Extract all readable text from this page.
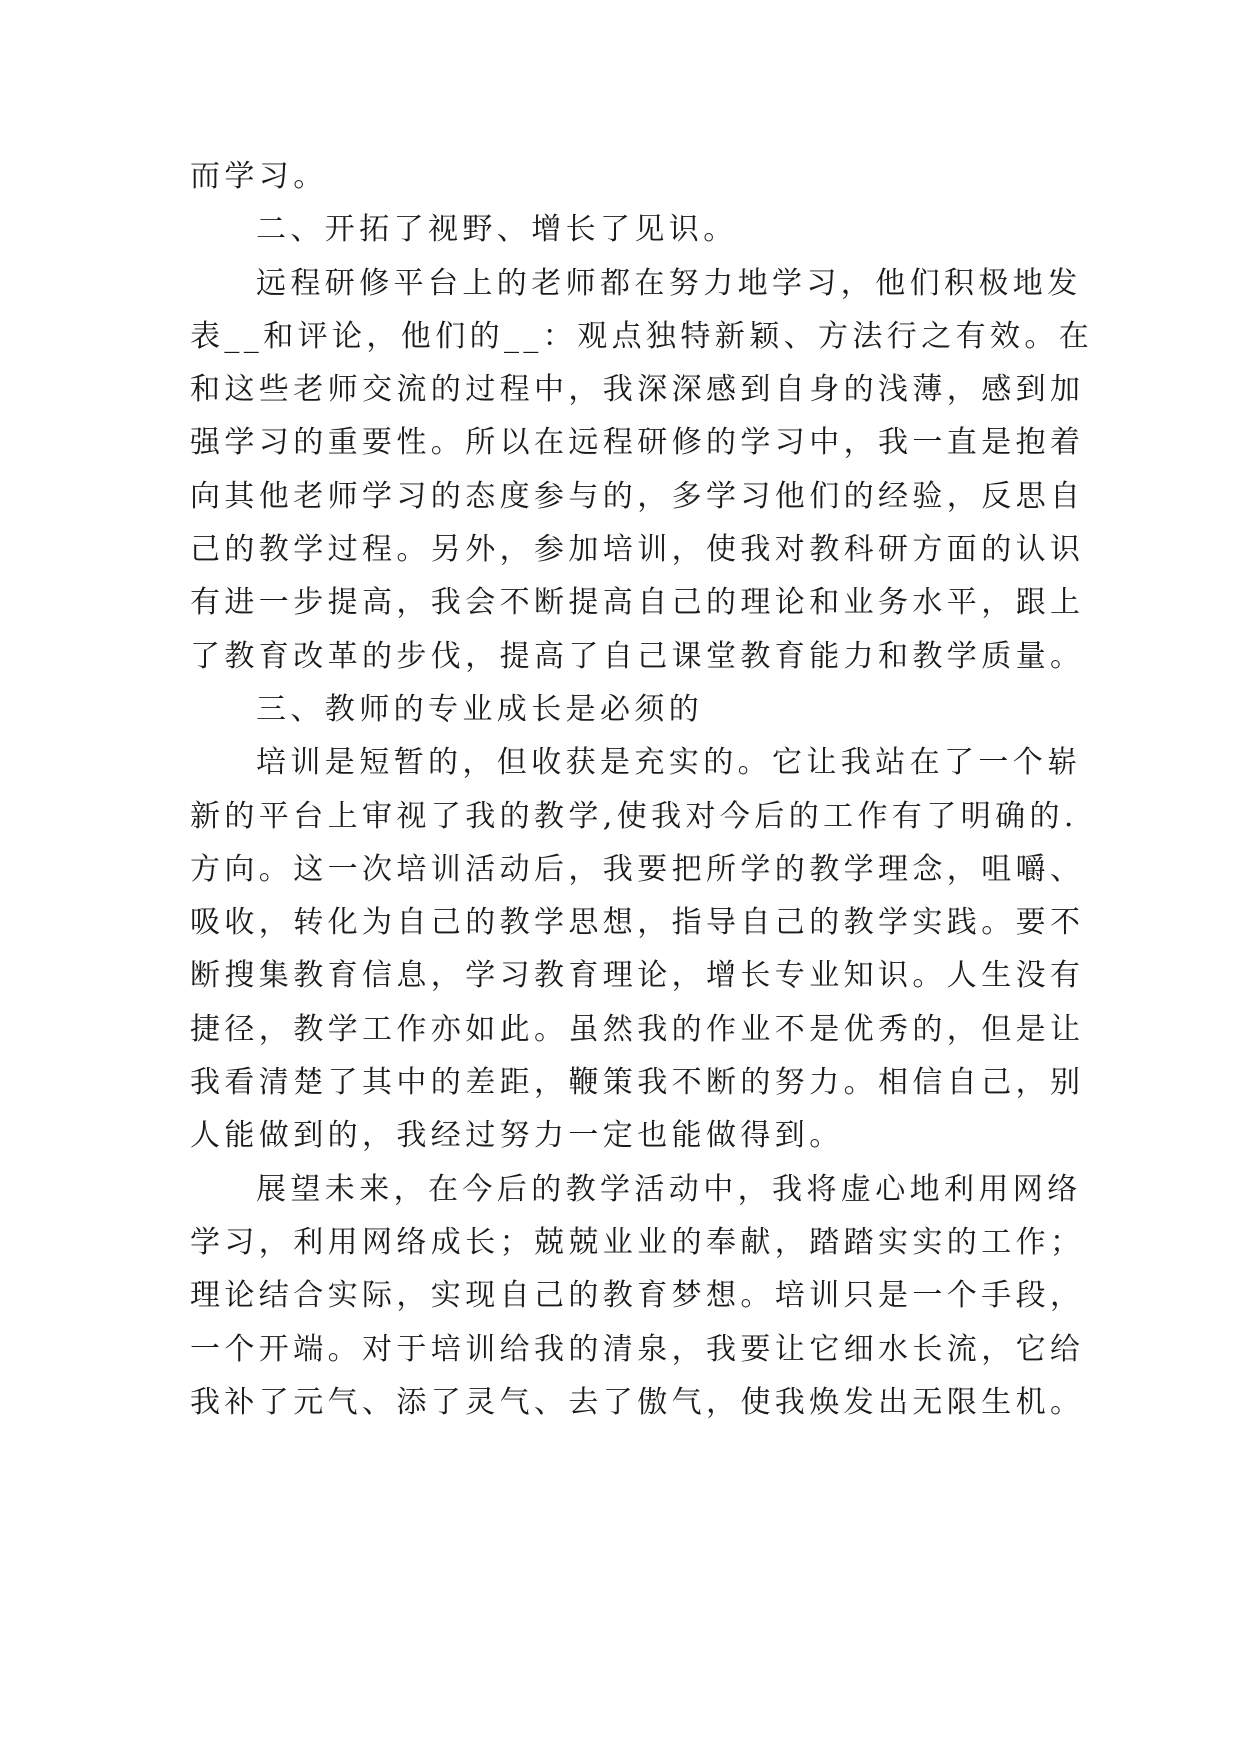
而学习。
二、开拓了视野、增长了见识。
远程研修平台上的老师都在努力地学习，他们积极地发
表__和评论，他们的__：观点独特新颖、方法行之有效。在
和这些老师交流的过程中，我深深感到自身的浅薄，感到加
强学习的重要性。所以在远程研修的学习中，我一直是抱着
向其他老师学习的态度参与的，多学习他们的经验，反思自
己的教学过程。另外，参加培训，使我对教科研方面的认识
有进一步提高，我会不断提高自己的理论和业务水平，跟上
了教育改革的步伐，提高了自己课堂教育能力和教学质量。
三、教师的专业成长是必须的
培训是短暂的，但收获是充实的。它让我站在了一个崭
新的平台上审视了我的教学,使我对今后的工作有了明确的.
方向。这一次培训活动后，我要把所学的教学理念，咀嚼、
吸收，转化为自己的教学思想，指导自己的教学实践。要不
断搜集教育信息，学习教育理论，增长专业知识。人生没有
捷径，教学工作亦如此。虽然我的作业不是优秀的，但是让
我看清楚了其中的差距，鞭策我不断的努力。相信自己，别
人能做到的，我经过努力一定也能做得到。
展望未来，在今后的教学活动中，我将虚心地利用网络
学习，利用网络成长；兢兢业业的奉献，踏踏实实的工作；
理论结合实际，实现自己的教育梦想。培训只是一个手段，
一个开端。对于培训给我的清泉，我要让它细水长流，它给
我补了元气、添了灵气、去了傲气，使我焕发出无限生机。
